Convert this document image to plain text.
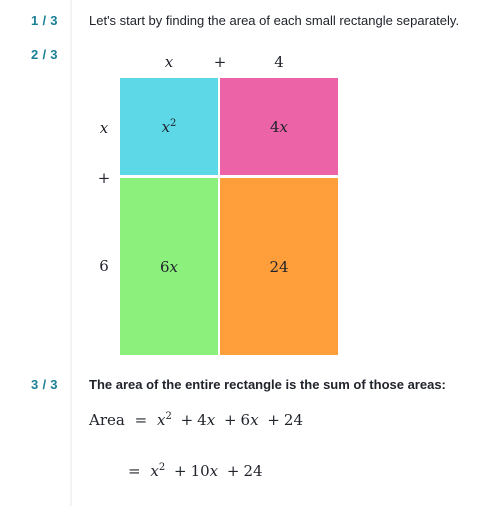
1 / 3	Let's start by finding the area of each small rectangle separately.
2 / 3	x	+	4
x
+
6
$x^2$	4x
6x	24
3 / 3	The area of the entire rectangle is the sum of those areas:
Area = $x^2 + 4x + 6x + 24$
= $x^2 + 10x + 24$
